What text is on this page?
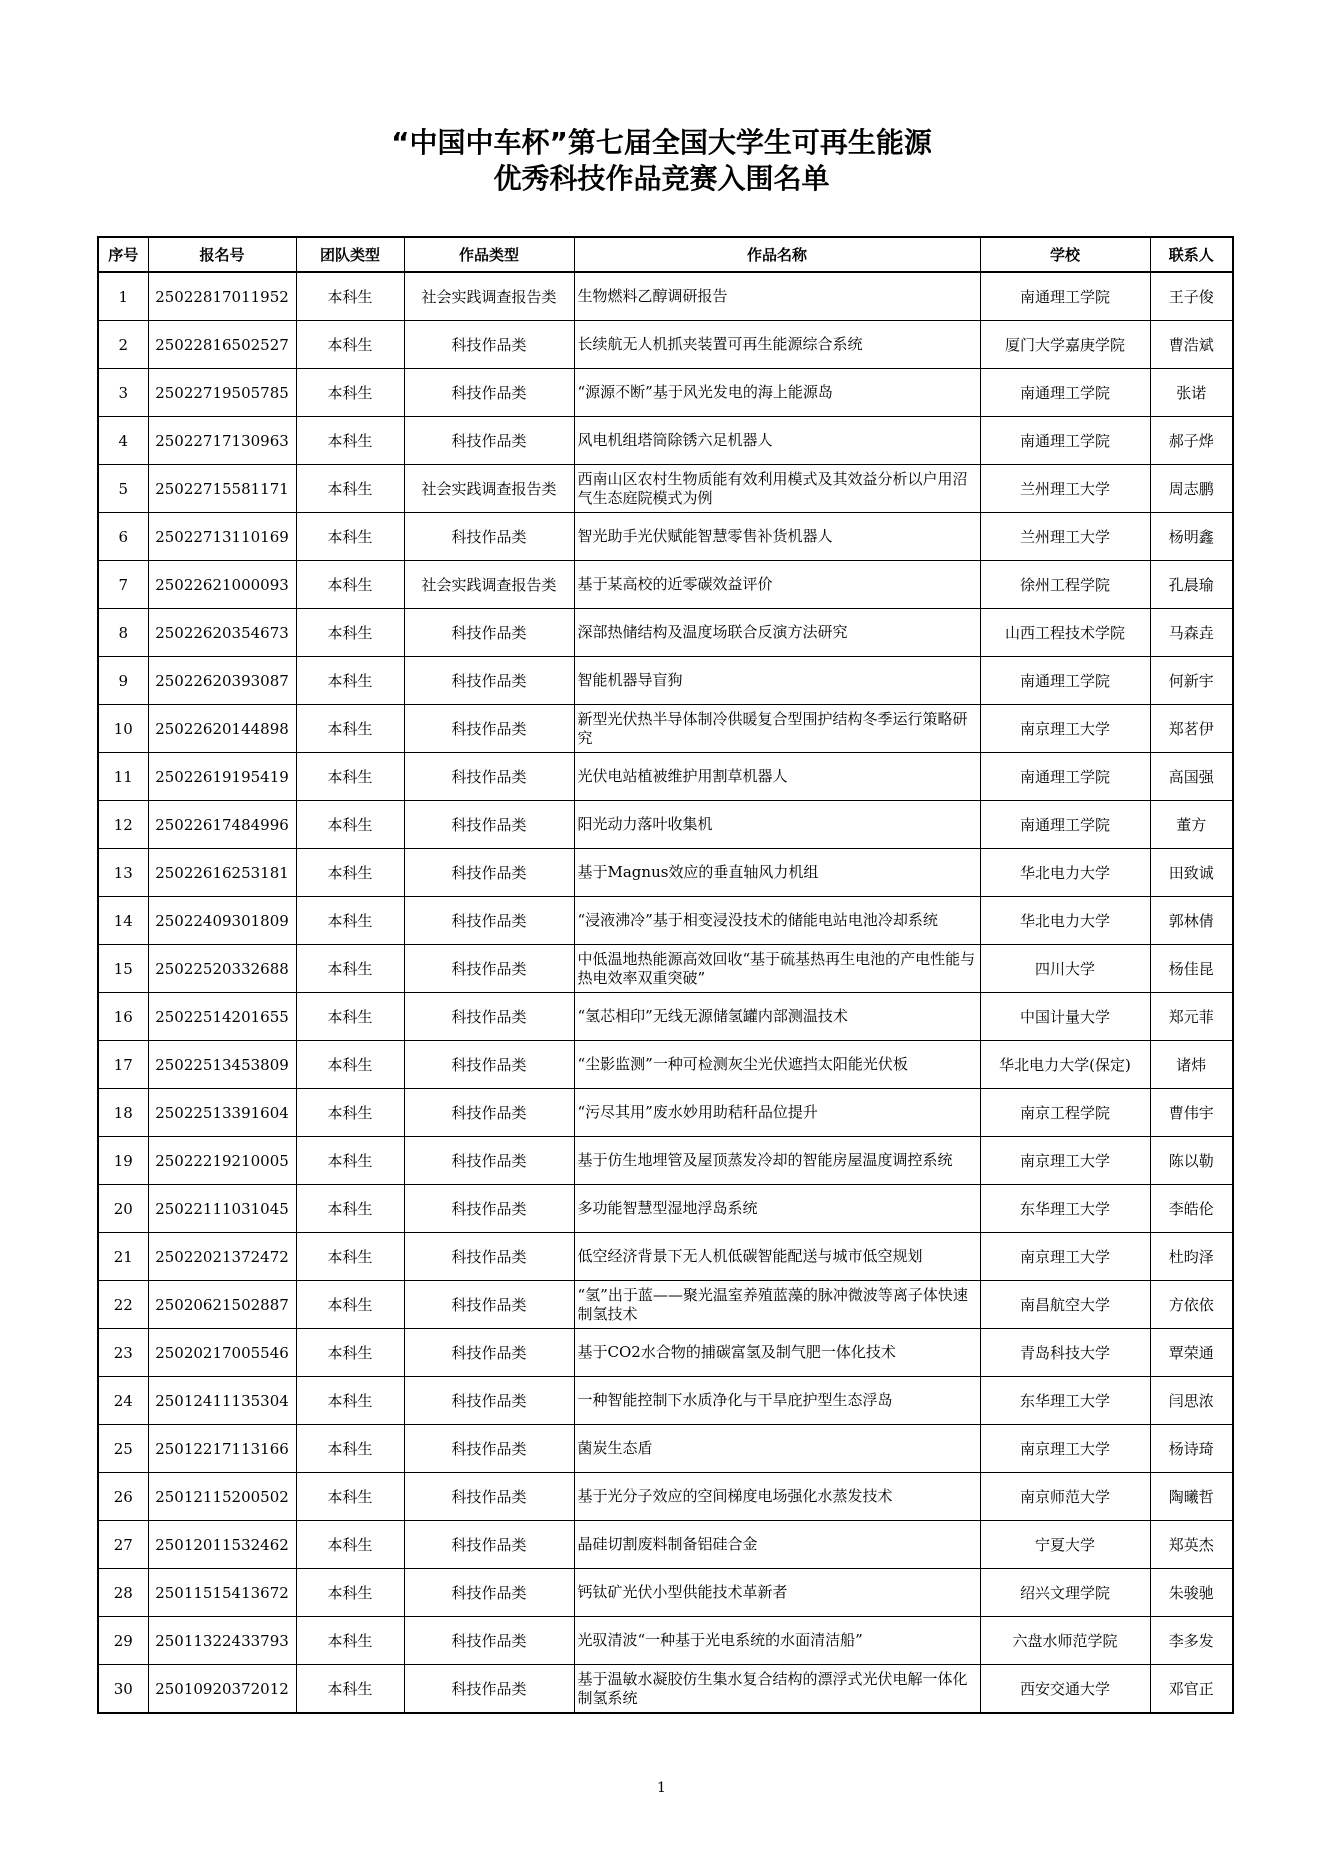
“中国中车杯”第七届全国大学生可再生能源
优秀科技作品竞赛入围名单
序号	报名号	团队类型	作品类型	作品名称	学校	联系人
1	25022817011952	本科生	社会实践调查报告类	生物燃料乙醇调研报告	南通理工学院	王子俊
2	25022816502527	本科生	科技作品类	长续航无人机抓夹装置可再生能源综合系统	厦门大学嘉庚学院	曹浩斌
3	25022719505785	本科生	科技作品类	“源源不断”基于风光发电的海上能源岛	南通理工学院	张诺
4	25022717130963	本科生	科技作品类	风电机组塔筒除锈六足机器人	南通理工学院	郝子烨
5	25022715581171	本科生	社会实践调查报告类	西南山区农村生物质能有效利用模式及其效益分析以户用沼气生态庭院模式为例	兰州理工大学	周志鹏
6	25022713110169	本科生	科技作品类	智光助手光伏赋能智慧零售补货机器人	兰州理工大学	杨明鑫
7	25022621000093	本科生	社会实践调查报告类	基于某高校的近零碳效益评价	徐州工程学院	孔晨瑜
8	25022620354673	本科生	科技作品类	深部热储结构及温度场联合反演方法研究	山西工程技术学院	马森垚
9	25022620393087	本科生	科技作品类	智能机器导盲狗	南通理工学院	何新宇
10	25022620144898	本科生	科技作品类	新型光伏热半导体制冷供暖复合型围护结构冬季运行策略研究	南京理工大学	郑茗伊
11	25022619195419	本科生	科技作品类	光伏电站植被维护用割草机器人	南通理工学院	高国强
12	25022617484996	本科生	科技作品类	阳光动力落叶收集机	南通理工学院	董方
13	25022616253181	本科生	科技作品类	基于Magnus效应的垂直轴风力机组	华北电力大学	田致诚
14	25022409301809	本科生	科技作品类	“浸液沸冷”基于相变浸没技术的储能电站电池冷却系统	华北电力大学	郭林倩
15	25022520332688	本科生	科技作品类	中低温地热能源高效回收“基于硫基热再生电池的产电性能与热电效率双重突破”	四川大学	杨佳昆
16	25022514201655	本科生	科技作品类	“氢芯相印”无线无源储氢罐内部测温技术	中国计量大学	郑元菲
17	25022513453809	本科生	科技作品类	“尘影监测”一种可检测灰尘光伏遮挡太阳能光伏板	华北电力大学(保定)	诸炜
18	25022513391604	本科生	科技作品类	“污尽其用”废水妙用助秸秆品位提升	南京工程学院	曹伟宇
19	25022219210005	本科生	科技作品类	基于仿生地埋管及屋顶蒸发冷却的智能房屋温度调控系统	南京理工大学	陈以勒
20	25022111031045	本科生	科技作品类	多功能智慧型湿地浮岛系统	东华理工大学	李皓伦
21	25022021372472	本科生	科技作品类	低空经济背景下无人机低碳智能配送与城市低空规划	南京理工大学	杜昀泽
22	25020621502887	本科生	科技作品类	“氢”出于蓝——聚光温室养殖蓝藻的脉冲微波等离子体快速制氢技术	南昌航空大学	方依依
23	25020217005546	本科生	科技作品类	基于CO2水合物的捕碳富氢及制气肥一体化技术	青岛科技大学	覃荣通
24	25012411135304	本科生	科技作品类	一种智能控制下水质净化与干旱庇护型生态浮岛	东华理工大学	闫思浓
25	25012217113166	本科生	科技作品类	菌炭生态盾	南京理工大学	杨诗琦
26	25012115200502	本科生	科技作品类	基于光分子效应的空间梯度电场强化水蒸发技术	南京师范大学	陶曦哲
27	25012011532462	本科生	科技作品类	晶硅切割废料制备铝硅合金	宁夏大学	郑英杰
28	25011515413672	本科生	科技作品类	钙钛矿光伏小型供能技术革新者	绍兴文理学院	朱骏驰
29	25011322433793	本科生	科技作品类	光驭清波“一种基于光电系统的水面清洁船”	六盘水师范学院	李多发
30	25010920372012	本科生	科技作品类	基于温敏水凝胶仿生集水复合结构的漂浮式光伏电解一体化制氢系统	西安交通大学	邓官正
1
